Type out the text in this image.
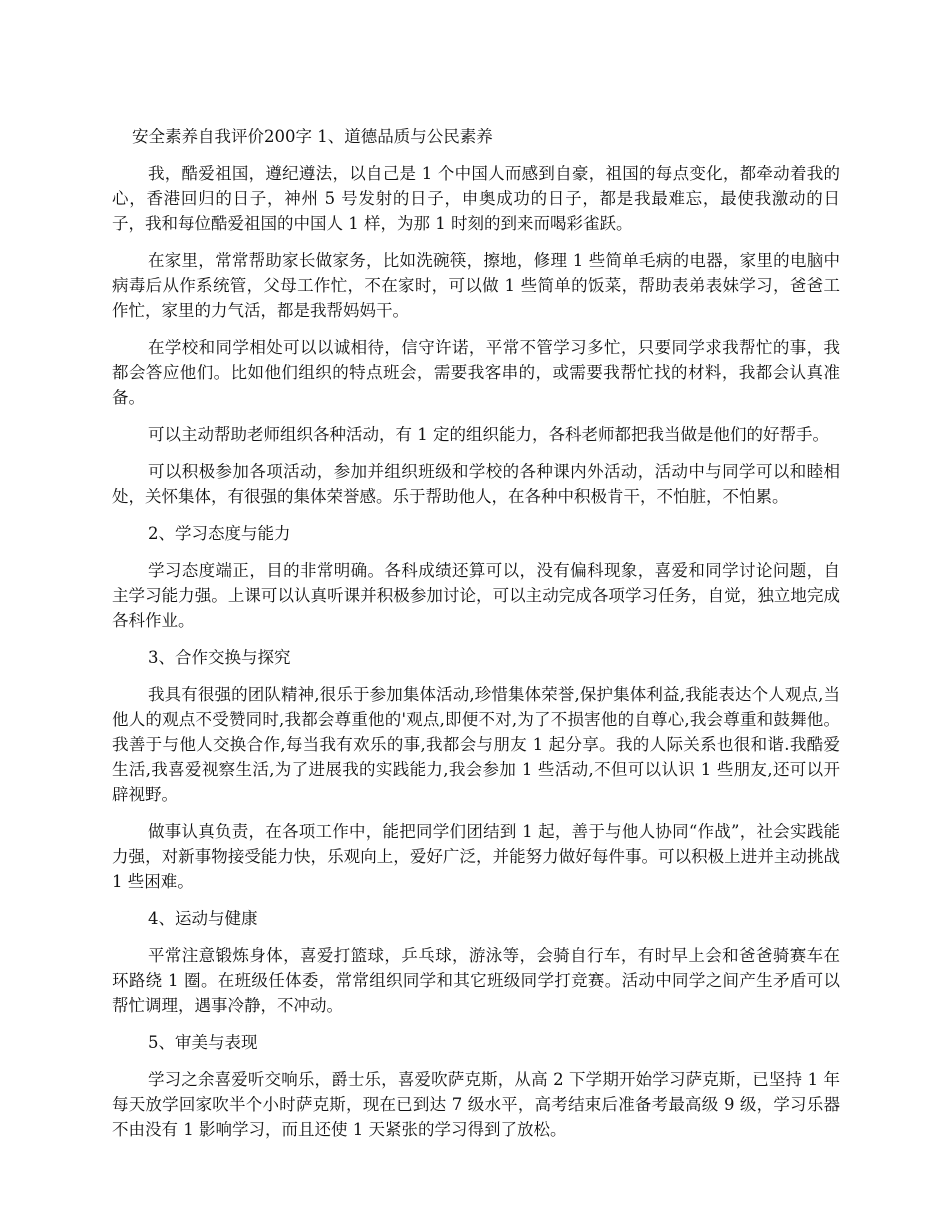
安全素养自我评价200字 1、道德品质与公民素养

我，酷爱祖国，遵纪遵法，以自己是 1 个中国人而感到自豪，祖国的每点变化，都牵动着我的心，香港回归的日子，神州 5 号发射的日子，申奥成功的日子，都是我最难忘，最使我激动的日子，我和每位酷爱祖国的中国人 1 样，为那 1 时刻的到来而喝彩雀跃。

在家里，常常帮助家长做家务，比如洗碗筷，擦地，修理 1 些简单毛病的电器，家里的电脑中病毒后从作系统管，父母工作忙，不在家时，可以做 1 些简单的饭菜，帮助表弟表妹学习，爸爸工作忙，家里的力气活，都是我帮妈妈干。

在学校和同学相处可以以诚相待，信守许诺，平常不管学习多忙，只要同学求我帮忙的事，我都会答应他们。比如他们组织的特点班会，需要我客串的，或需要我帮忙找的材料，我都会认真准备。

可以主动帮助老师组织各种活动，有 1 定的组织能力，各科老师都把我当做是他们的好帮手。

可以积极参加各项活动，参加并组织班级和学校的各种课内外活动，活动中与同学可以和睦相处，关怀集体，有很强的集体荣誉感。乐于帮助他人，在各种中积极肯干，不怕脏，不怕累。

2、学习态度与能力

学习态度端正，目的非常明确。各科成绩还算可以，没有偏科现象，喜爱和同学讨论问题，自主学习能力强。上课可以认真听课并积极参加讨论，可以主动完成各项学习任务，自觉，独立地完成各科作业。

3、合作交换与探究

我具有很强的团队精神,很乐于参加集体活动,珍惜集体荣誉,保护集体利益,我能表达个人观点,当他人的观点不受赞同时,我都会尊重他的'观点,即便不对,为了不损害他的自尊心,我会尊重和鼓舞他。我善于与他人交换合作,每当我有欢乐的事,我都会与朋友 1 起分享。我的人际关系也很和谐.我酷爱生活,我喜爱视察生活,为了进展我的实践能力,我会参加 1 些活动,不但可以认识 1 些朋友,还可以开辟视野。

做事认真负责，在各项工作中，能把同学们团结到 1 起，善于与他人协同“作战”，社会实践能力强，对新事物接受能力快，乐观向上，爱好广泛，并能努力做好每件事。可以积极上进并主动挑战 1 些困难。

4、运动与健康

平常注意锻炼身体，喜爱打篮球，乒乓球，游泳等，会骑自行车，有时早上会和爸爸骑赛车在环路绕 1 圈。在班级任体委，常常组织同学和其它班级同学打竞赛。活动中同学之间产生矛盾可以帮忙调理，遇事冷静，不冲动。

5、审美与表现

学习之余喜爱听交响乐，爵士乐，喜爱吹萨克斯，从高 2 下学期开始学习萨克斯，已坚持 1 年每天放学回家吹半个小时萨克斯，现在已到达 7 级水平，高考结束后准备考最高级 9 级，学习乐器不由没有 1 影响学习，而且还使 1 天紧张的学习得到了放松。
